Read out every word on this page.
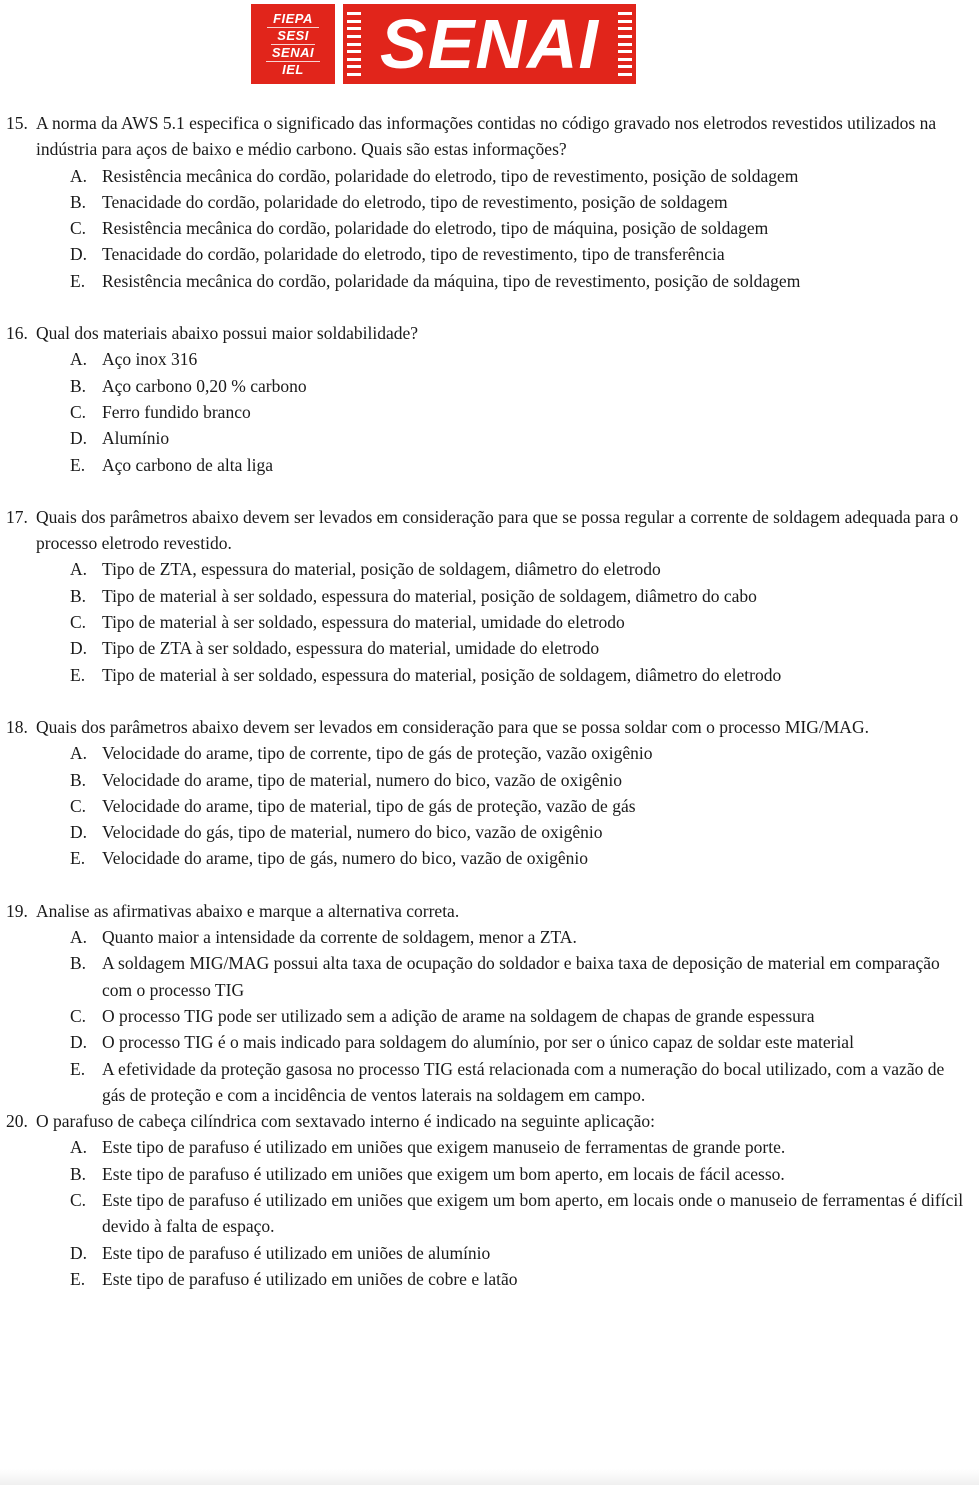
FIEPA
SESI
SENAI
IEL SENAI
15. A norma da AWS 5.1 especifica o significado das informações contidas no código gravado nos eletrodos revestidos utilizados na indústria para aços de baixo e médio carbono. Quais são estas informações?
A. Resistência mecânica do cordão, polaridade do eletrodo, tipo de revestimento, posição de soldagem
B. Tenacidade do cordão, polaridade do eletrodo, tipo de revestimento, posição de soldagem
C. Resistência mecânica do cordão, polaridade do eletrodo, tipo de máquina, posição de soldagem
D. Tenacidade do cordão, polaridade do eletrodo, tipo de revestimento, tipo de transferência
E. Resistência mecânica do cordão, polaridade da máquina, tipo de revestimento, posição de soldagem
16. Qual dos materiais abaixo possui maior soldabilidade?
A. Aço inox 316
B. Aço carbono 0,20 % carbono
C. Ferro fundido branco
D. Alumínio
E. Aço carbono de alta liga
17. Quais dos parâmetros abaixo devem ser levados em consideração para que se possa regular a corrente de soldagem adequada para o processo eletrodo revestido.
A. Tipo de ZTA, espessura do material, posição de soldagem, diâmetro do eletrodo
B. Tipo de material à ser soldado, espessura do material, posição de soldagem, diâmetro do cabo
C. Tipo de material à ser soldado, espessura do material, umidade do eletrodo
D. Tipo de ZTA à ser soldado, espessura do material, umidade do eletrodo
E. Tipo de material à ser soldado, espessura do material, posição de soldagem, diâmetro do eletrodo
18. Quais dos parâmetros abaixo devem ser levados em consideração para que se possa soldar com o processo MIG/MAG.
A. Velocidade do arame, tipo de corrente, tipo de gás de proteção, vazão oxigênio
B. Velocidade do arame, tipo de material, numero do bico, vazão de oxigênio
C. Velocidade do arame, tipo de material, tipo de gás de proteção, vazão de gás
D. Velocidade do gás, tipo de material, numero do bico, vazão de oxigênio
E. Velocidade do arame, tipo de gás, numero do bico, vazão de oxigênio
19. Analise as afirmativas abaixo e marque a alternativa correta.
A. Quanto maior a intensidade da corrente de soldagem, menor a ZTA.
B. A soldagem MIG/MAG possui alta taxa de ocupação do soldador e baixa taxa de deposição de material em comparação com o processo TIG
C. O processo TIG pode ser utilizado sem a adição de arame na soldagem de chapas de grande espessura
D. O processo TIG é o mais indicado para soldagem do alumínio, por ser o único capaz de soldar este material
E. A efetividade da proteção gasosa no processo TIG está relacionada com a numeração do bocal utilizado, com a vazão de gás de proteção e com a incidência de ventos laterais na soldagem em campo.
20. O parafuso de cabeça cilíndrica com sextavado interno é indicado na seguinte aplicação:
A. Este tipo de parafuso é utilizado em uniões que exigem manuseio de ferramentas de grande porte.
B. Este tipo de parafuso é utilizado em uniões que exigem um bom aperto, em locais de fácil acesso.
C. Este tipo de parafuso é utilizado em uniões que exigem um bom aperto, em locais onde o manuseio de ferramentas é difícil devido à falta de espaço.
D. Este tipo de parafuso é utilizado em uniões de alumínio
E. Este tipo de parafuso é utilizado em uniões de cobre e latão
